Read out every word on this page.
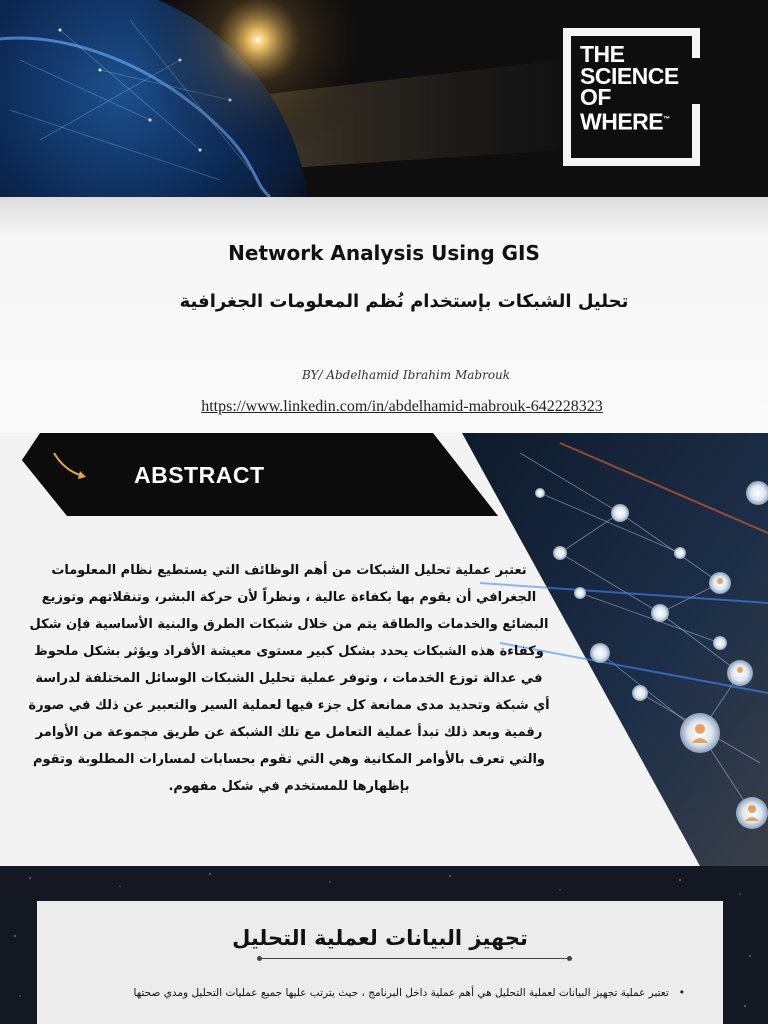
THE
SCIENCE
OF
WHERE™
Network Analysis Using GIS
تحليل الشبكات بإستخدام نُظم المعلومات الجغرافية
BY/ Abdelhamid Ibrahim Mabrouk
https://www.linkedin.com/in/abdelhamid-mabrouk-642228323
ABSTRACT
تعتبر عملية تحليل الشبكات من أهم الوظائف التي يستطيع نظام المعلومات الجغرافي أن يقوم بها بكفاءة عالية ، ونظراً لأن حركة البشر، وتنقلاتهم وتوزيع البضائع والخدمات والطاقة يتم من خلال شبكات الطرق والبنية الأساسية فإن شكل وكفاءة هذه الشبكات يحدد بشكل كبير مستوى معيشة الأفراد ويؤثر بشكل ملحوظ في عدالة توزع الخدمات ، وتوفر عملية تحليل الشبكات الوسائل المختلفة لدراسة أي شبكة وتحديد مدى ممانعة كل جزء فيها لعملية السير والتعبير عن ذلك في صورة رقمية وبعد ذلك تبدأ عملية التعامل مع تلك الشبكة عن طريق مجموعة من الأوامر والتي تعرف بالأوامر المكانية وهي التي تقوم بحسابات لمسارات المطلوبة وتقوم بإظهارها للمستخدم في شكل مفهوم.
تجهيز البيانات لعملية التحليل
•تعتبر عملية تجهيز البيانات لعملية التحليل هي أهم عملية داخل البرنامج ، حيث يترتب عليها جميع عمليات التحليل ومدي صحتها
